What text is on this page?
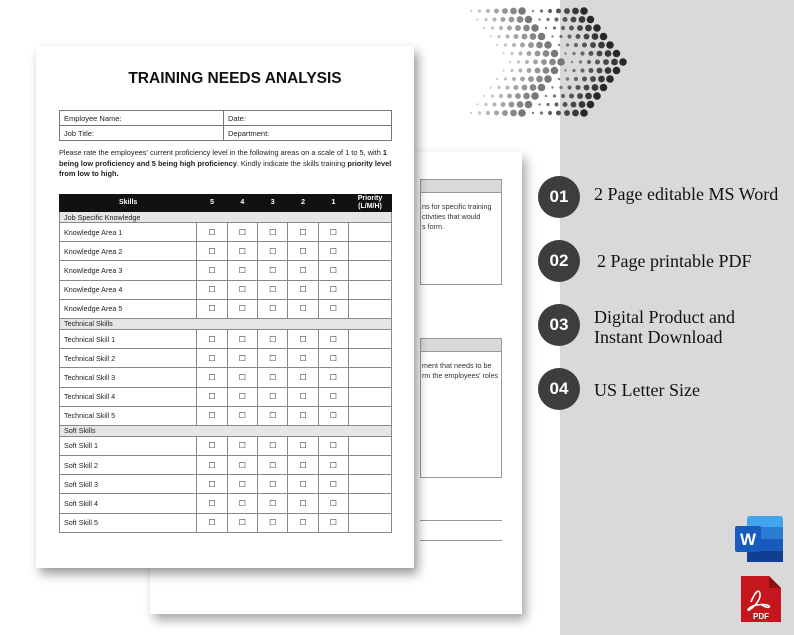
ns for specific training
ctivities that would
s form.
ment that needs to be
rm the employees' roles
TRAINING NEEDS ANALYSIS
Employee Name:	Date:
Job Title:	Department:
Please rate the employees' current proficiency level in the following areas on a scale of 1 to 5, with 1 being low proficiency and 5 being high proficiency. Kindly indicate the skills training priority level from low to high.
Skills	5	4	3	2	1	Priority (L/M/H)
Job Specific Knowledge						
Knowledge Area 1	☐	☐	☐	☐	☐	
Knowledge Area 2	☐	☐	☐	☐	☐	
Knowledge Area 3	☐	☐	☐	☐	☐	
Knowledge Area 4	☐	☐	☐	☐	☐	
Knowledge Area 5	☐	☐	☐	☐	☐	
Technical Skills						
Technical Skill 1	☐	☐	☐	☐	☐	
Technical Skill 2	☐	☐	☐	☐	☐	
Technical Skill 3	☐	☐	☐	☐	☐	
Technical Skill 4	☐	☐	☐	☐	☐	
Technical Skill 5	☐	☐	☐	☐	☐	
Soft Skills						
Soft Skill 1	☐	☐	☐	☐	☐	
Soft Skill 2	☐	☐	☐	☐	☐	
Soft Skill 3	☐	☐	☐	☐	☐	
Soft Skill 4	☐	☐	☐	☐	☐	
Soft Skill 5	☐	☐	☐	☐	☐	
01	2 Page editable MS Word
02	2 Page printable PDF
03	Digital Product and
Instant Download
04	US Letter Size
W
PDF
